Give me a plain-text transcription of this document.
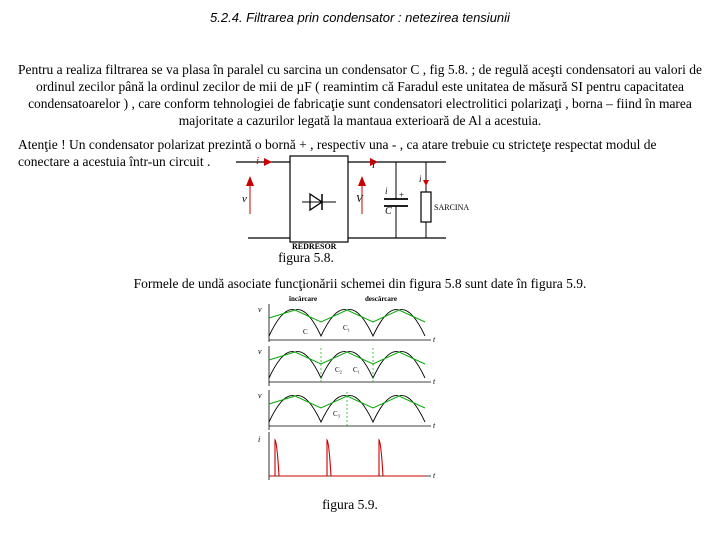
5.2.4. Filtrarea prin condensator : netezirea tensiunii
Pentru a realiza filtrarea se va plasa în paralel cu sarcina un condensator C , fig 5.8. ; de regulă aceşti condensatori au valori de ordinul zecilor până la ordinul zecilor de mii de µF ( reamintim că Faradul este unitatea de măsură SI pentru capacitatea condensatoarelor ) , care conform tehnologiei de fabricaţie sunt condensatori electrolitici polarizaţi , borna – fiind în marea majoritate a cazurilor legată la mantaua exterioară de Al a acestuia.
Atenţie ! Un condensator polarizat prezintă o bornă + , respectiv una - , ca atare trebuie cu stricteţe respectat modul de conectare a acestuia într-un circuit .	i
v
i
V
C
+
i
i
SARCINA
REDRESOR
figura 5.8.
Formele de undă asociate funcţionării schemei din figura 5.8 sunt date în figura 5.9.
încărcare	descărcare
v
t
C	C₁
v
t
C₂ C₁
v
t
C₃
i
t
figura 5.9.
